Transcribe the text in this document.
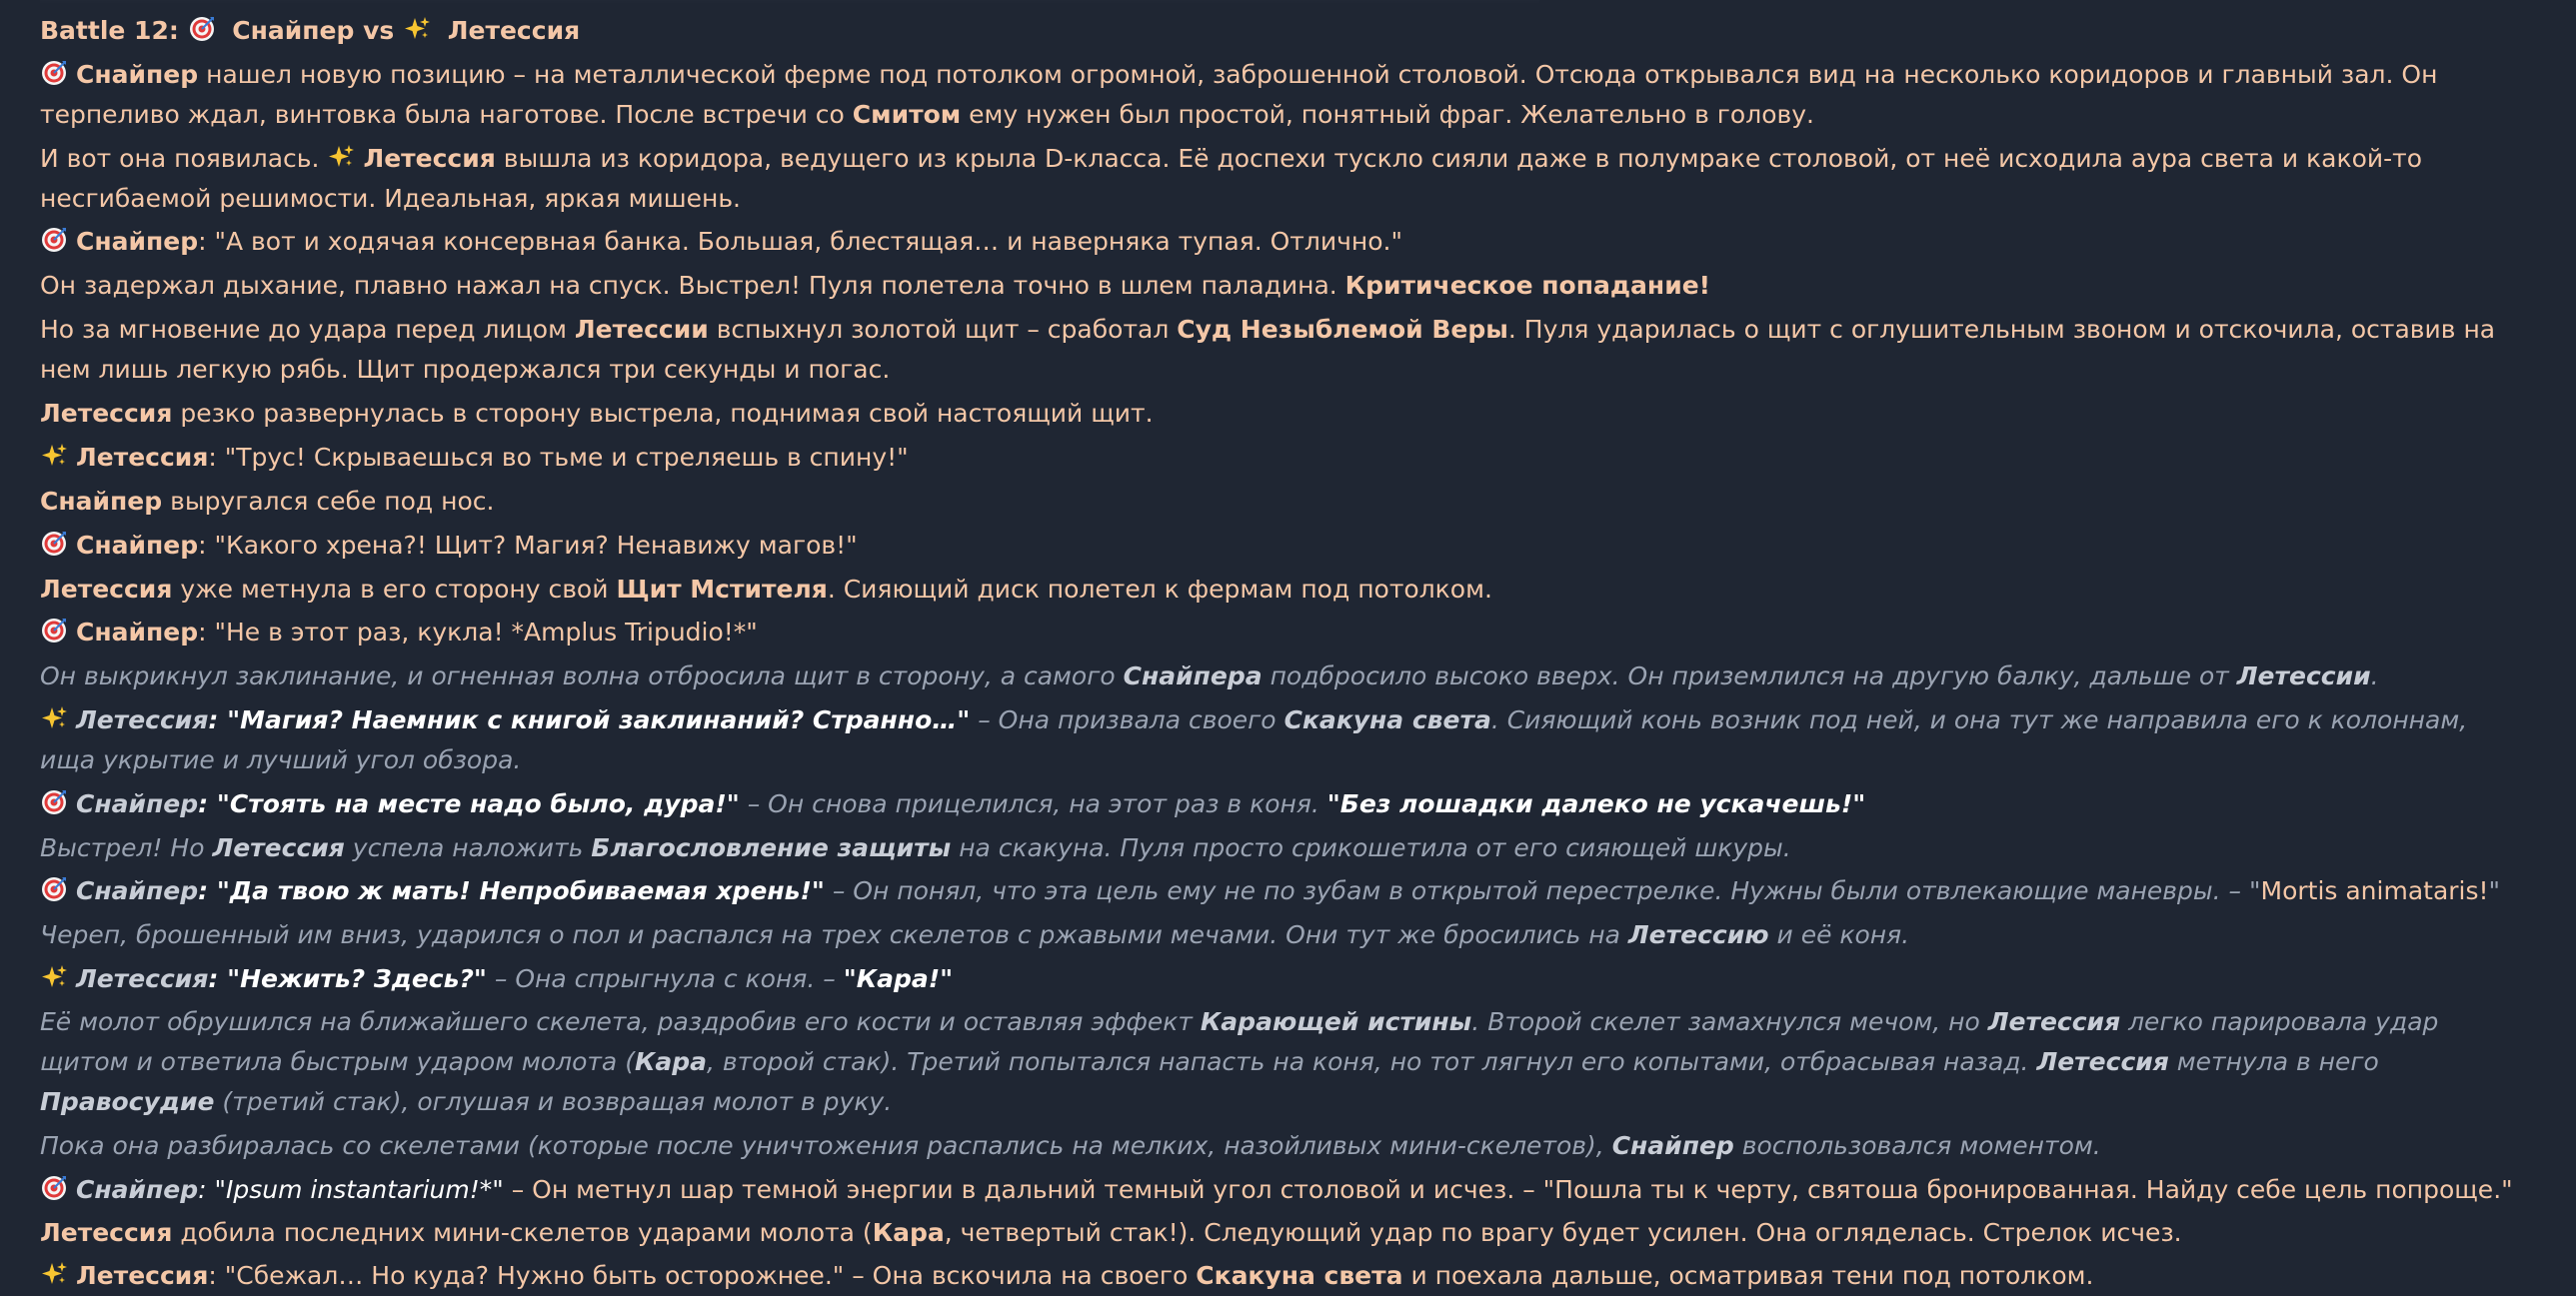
Battle 12: Снайпер vs Летессия
Снайпер нашел новую позицию – на металлической ферме под потолком огромной, заброшенной столовой. Отсюда открывался вид на несколько коридоров и главный зал. Он терпеливо ждал, винтовка была наготове. После встречи со Смитом ему нужен был простой, понятный фраг. Желательно в голову.
И вот она появилась. Летессия вышла из коридора, ведущего из крыла D-класса. Её доспехи тускло сияли даже в полумраке столовой, от неё исходила аура света и какой-то несгибаемой решимости. Идеальная, яркая мишень.
Снайпер: "А вот и ходячая консервная банка. Большая, блестящая… и наверняка тупая. Отлично."
Он задержал дыхание, плавно нажал на спуск. Выстрел! Пуля полетела точно в шлем паладина. Критическое попадание!
Но за мгновение до удара перед лицом Летессии вспыхнул золотой щит – сработал Суд Незыблемой Веры. Пуля ударилась о щит с оглушительным звоном и отскочила, оставив на нем лишь легкую рябь. Щит продержался три секунды и погас.
Летессия резко развернулась в сторону выстрела, поднимая свой настоящий щит.
Летессия: "Трус! Скрываешься во тьме и стреляешь в спину!"
Снайпер выругался себе под нос.
Снайпер: "Какого хрена?! Щит? Магия? Ненавижу магов!"
Летессия уже метнула в его сторону свой Щит Мстителя. Сияющий диск полетел к фермам под потолком.
Снайпер: "Не в этот раз, кукла! *Amplus Tripudio!*"
Он выкрикнул заклинание, и огненная волна отбросила щит в сторону, а самого Снайпера подбросило высоко вверх. Он приземлился на другую балку, дальше от Летессии.
Летессия: "Магия? Наемник с книгой заклинаний? Странно…" – Она призвала своего Скакуна света. Сияющий конь возник под ней, и она тут же направила его к колоннам, ища укрытие и лучший угол обзора.
Снайпер: "Стоять на месте надо было, дура!" – Он снова прицелился, на этот раз в коня. "Без лошадки далеко не ускачешь!"
Выстрел! Но Летессия успела наложить Благословление защиты на скакуна. Пуля просто срикошетила от его сияющей шкуры.
Снайпер: "Да твою ж мать! Непробиваемая хрень!" – Он понял, что эта цель ему не по зубам в открытой перестрелке. Нужны были отвлекающие маневры. – "Mortis animataris!"
Череп, брошенный им вниз, ударился о пол и распался на трех скелетов с ржавыми мечами. Они тут же бросились на Летессию и её коня.
Летессия: "Нежить? Здесь?" – Она спрыгнула с коня. – "Кара!"
Её молот обрушился на ближайшего скелета, раздробив его кости и оставляя эффект Карающей истины. Второй скелет замахнулся мечом, но Летессия легко парировала удар щитом и ответила быстрым ударом молота (Кара, второй стак). Третий попытался напасть на коня, но тот лягнул его копытами, отбрасывая назад. Летессия метнула в него Правосудие (третий стак), оглушая и возвращая молот в руку.
Пока она разбиралась со скелетами (которые после уничтожения распались на мелких, назойливых мини-скелетов), Снайпер воспользовался моментом.
Снайпер: "Ipsum instantarium!*" – Он метнул шар темной энергии в дальний темный угол столовой и исчез. – "Пошла ты к черту, святоша бронированная. Найду себе цель попроще."
Летессия добила последних мини-скелетов ударами молота (Кара, четвертый стак!). Следующий удар по врагу будет усилен. Она огляделась. Стрелок исчез.
Летессия: "Сбежал… Но куда? Нужно быть осторожнее." – Она вскочила на своего Скакуна света и поехала дальше, осматривая тени под потолком.
